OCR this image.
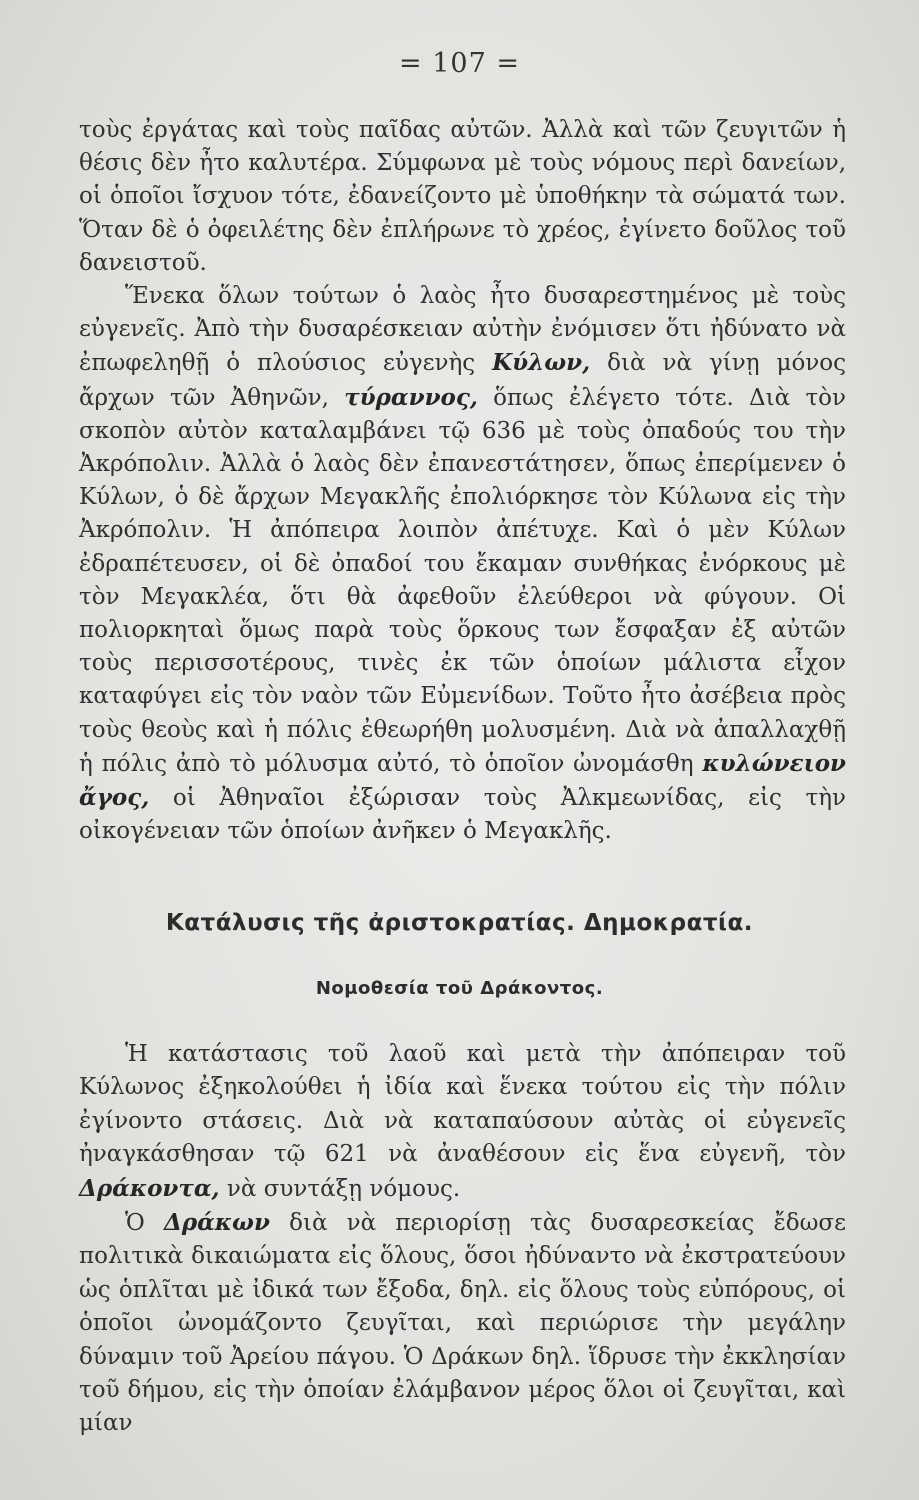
= 107 =

τοὺς ἐργάτας καὶ τοὺς παῖδας αὐτῶν. Ἀλλὰ καὶ τῶν ζευγιτῶν ἡ θέσις δὲν ἦτο καλυτέρα. Σύμφωνα μὲ τοὺς νόμους περὶ δανείων, οἱ ὁποῖοι ἴσχυον τότε, ἐδανείζοντο μὲ ὑποθήκην τὰ σώματά των. Ὅταν δὲ ὁ ὀφειλέτης δὲν ἐπλήρωνε τὸ χρέος, ἐγίνετο δοῦλος τοῦ δανειστοῦ.

Ἕνεκα ὅλων τούτων ὁ λαὸς ἦτο δυσαρεστημένος μὲ τοὺς εὐγενεῖς. Ἀπὸ τὴν δυσαρέσκειαν αὐτὴν ἐνόμισεν ὅτι ἠδύνατο νὰ ἐπωφεληθῇ ὁ πλούσιος εὐγενὴς Κύλων, διὰ νὰ γίνῃ μόνος ἄρχων τῶν Ἀθηνῶν, τύραννος, ὅπως ἐλέγετο τότε. Διὰ τὸν σκοπὸν αὐτὸν καταλαμβάνει τῷ 636 μὲ τοὺς ὀπαδούς του τὴν Ἀκρόπολιν. Ἀλλὰ ὁ λαὸς δὲν ἐπανεστάτησεν, ὅπως ἐπερίμενεν ὁ Κύλων, ὁ δὲ ἄρχων Μεγακλῆς ἐπολιόρκησε τὸν Κύλωνα εἰς τὴν Ἀκρόπολιν. Ἡ ἀπόπειρα λοιπὸν ἀπέτυχε. Καὶ ὁ μὲν Κύλων ἐδραπέτευσεν, οἱ δὲ ὀπαδοί του ἔκαμαν συνθήκας ἐνόρκους μὲ τὸν Μεγακλέα, ὅτι θὰ ἀφεθοῦν ἐλεύθεροι νὰ φύγουν. Οἱ πολιορκηταὶ ὅμως παρὰ τοὺς ὅρκους των ἔσφαξαν ἐξ αὐτῶν τοὺς περισσοτέρους, τινὲς ἐκ τῶν ὁποίων μάλιστα εἶχον καταφύγει εἰς τὸν ναὸν τῶν Εὐμενίδων. Τοῦτο ἦτο ἀσέβεια πρὸς τοὺς θεοὺς καὶ ἡ πόλις ἐθεωρήθη μολυσμένη. Διὰ νὰ ἀπαλλαχθῇ ἡ πόλις ἀπὸ τὸ μόλυσμα αὐτό, τὸ ὁποῖον ὠνομάσθη κυλώνειον ἄγος, οἱ Ἀθηναῖοι ἐξώρισαν τοὺς Ἀλκμεωνίδας, εἰς τὴν οἰκογένειαν τῶν ὁποίων ἀνῆκεν ὁ Μεγακλῆς.

Κατάλυσις τῆς ἀριστοκρατίας. Δημοκρατία.
Νομοθεσία τοῦ Δράκοντος.

Ἡ κατάστασις τοῦ λαοῦ καὶ μετὰ τὴν ἀπόπειραν τοῦ Κύλωνος ἐξηκολούθει ἡ ἰδία καὶ ἕνεκα τούτου εἰς τὴν πόλιν ἐγίνοντο στάσεις. Διὰ νὰ καταπαύσουν αὐτὰς οἱ εὐγενεῖς ἠναγκάσθησαν τῷ 621 νὰ ἀναθέσουν εἰς ἕνα εὐγενῆ, τὸν Δράκοντα, νὰ συντάξῃ νόμους.

Ὁ Δράκων διὰ νὰ περιορίσῃ τὰς δυσαρεσκείας ἔδωσε πολιτικὰ δικαιώματα εἰς ὅλους, ὅσοι ἠδύναντο νὰ ἐκστρατεύουν ὡς ὁπλῖται μὲ ἰδικά των ἔξοδα, δηλ. εἰς ὅλους τοὺς εὐπόρους, οἱ ὁποῖοι ὠνομάζοντο ζευγῖται, καὶ περιώρισε τὴν μεγάλην δύναμιν τοῦ Ἀρείου πάγου. Ὁ Δράκων δηλ. ἵδρυσε τὴν ἐκκλησίαν τοῦ δήμου, εἰς τὴν ὁποίαν ἐλάμβανον μέρος ὅλοι οἱ ζευγῖται, καὶ μίαν
